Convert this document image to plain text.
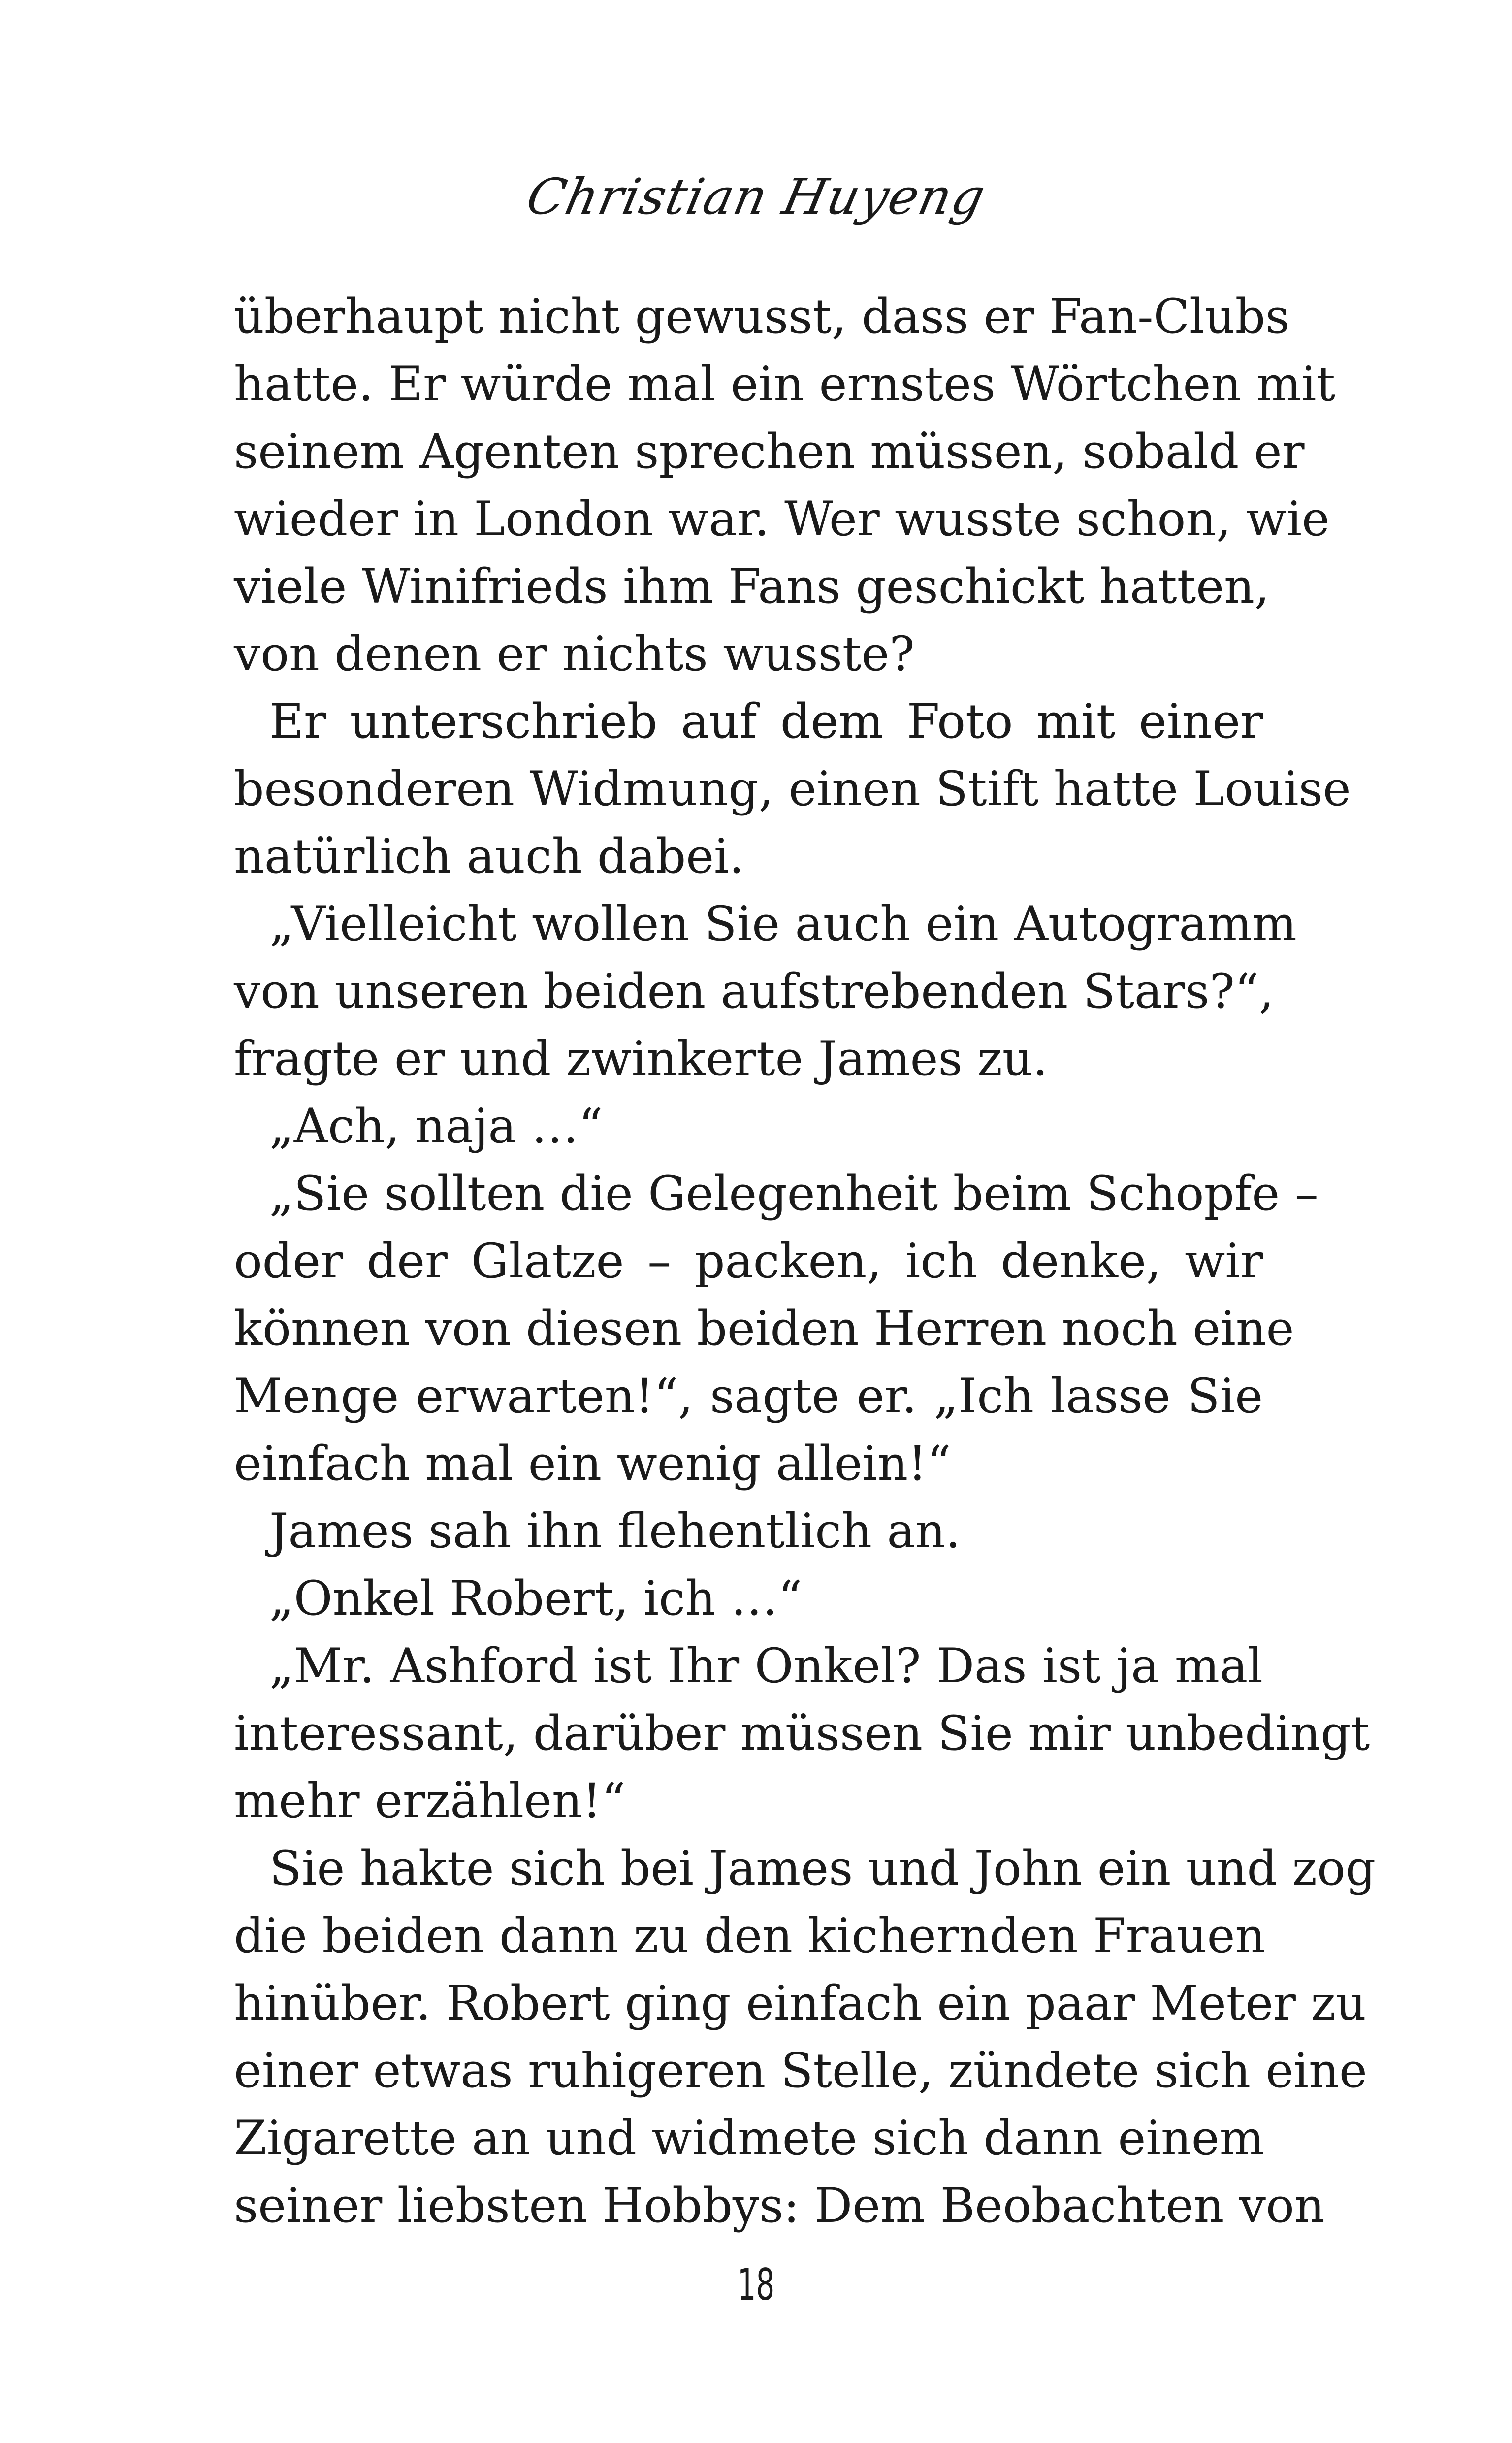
Christian Huyeng
überhaupt nicht gewusst, dass er Fan-Clubs
hatte. Er würde mal ein ernstes Wörtchen mit
seinem Agenten sprechen müssen, sobald er
wieder in London war. Wer wusste schon, wie
viele Winifrieds ihm Fans geschickt hatten,
von denen er nichts wusste?
Er unterschrieb auf dem Foto mit einer
besonderen Widmung, einen Stift hatte Louise
natürlich auch dabei.
„Vielleicht wollen Sie auch ein Autogramm
von unseren beiden aufstrebenden Stars?“,
fragte er und zwinkerte James zu.
„Ach, naja …“
„Sie sollten die Gelegenheit beim Schopfe –
oder der Glatze – packen, ich denke, wir
können von diesen beiden Herren noch eine
Menge erwarten!“, sagte er. „Ich lasse Sie
einfach mal ein wenig allein!“
James sah ihn flehentlich an.
„Onkel Robert, ich …“
„Mr. Ashford ist Ihr Onkel? Das ist ja mal
interessant, darüber müssen Sie mir unbedingt
mehr erzählen!“
Sie hakte sich bei James und John ein und zog
die beiden dann zu den kichernden Frauen
hinüber. Robert ging einfach ein paar Meter zu
einer etwas ruhigeren Stelle, zündete sich eine
Zigarette an und widmete sich dann einem
seiner liebsten Hobbys: Dem Beobachten von
18
